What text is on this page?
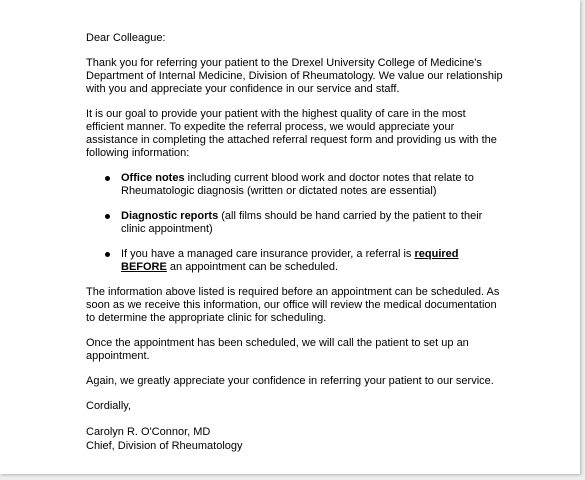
Dear Colleague:

Thank you for referring your patient to the Drexel University College of Medicine's Department of Internal Medicine, Division of Rheumatology. We value our relationship with you and appreciate your confidence in our service and staff.

It is our goal to provide your patient with the highest quality of care in the most efficient manner. To expedite the referral process, we would appreciate your assistance in completing the attached referral request form and providing us with the following information:

Office notes including current blood work and doctor notes that relate to Rheumatologic diagnosis (written or dictated notes are essential)
Diagnostic reports (all films should be hand carried by the patient to their clinic appointment)
If you have a managed care insurance provider, a referral is required BEFORE an appointment can be scheduled.

The information above listed is required before an appointment can be scheduled. As soon as we receive this information, our office will review the medical documentation to determine the appropriate clinic for scheduling.

Once the appointment has been scheduled, we will call the patient to set up an appointment.

Again, we greatly appreciate your confidence in referring your patient to our service.

Cordially,

Carolyn R. O'Connor, MD
Chief, Division of Rheumatology
